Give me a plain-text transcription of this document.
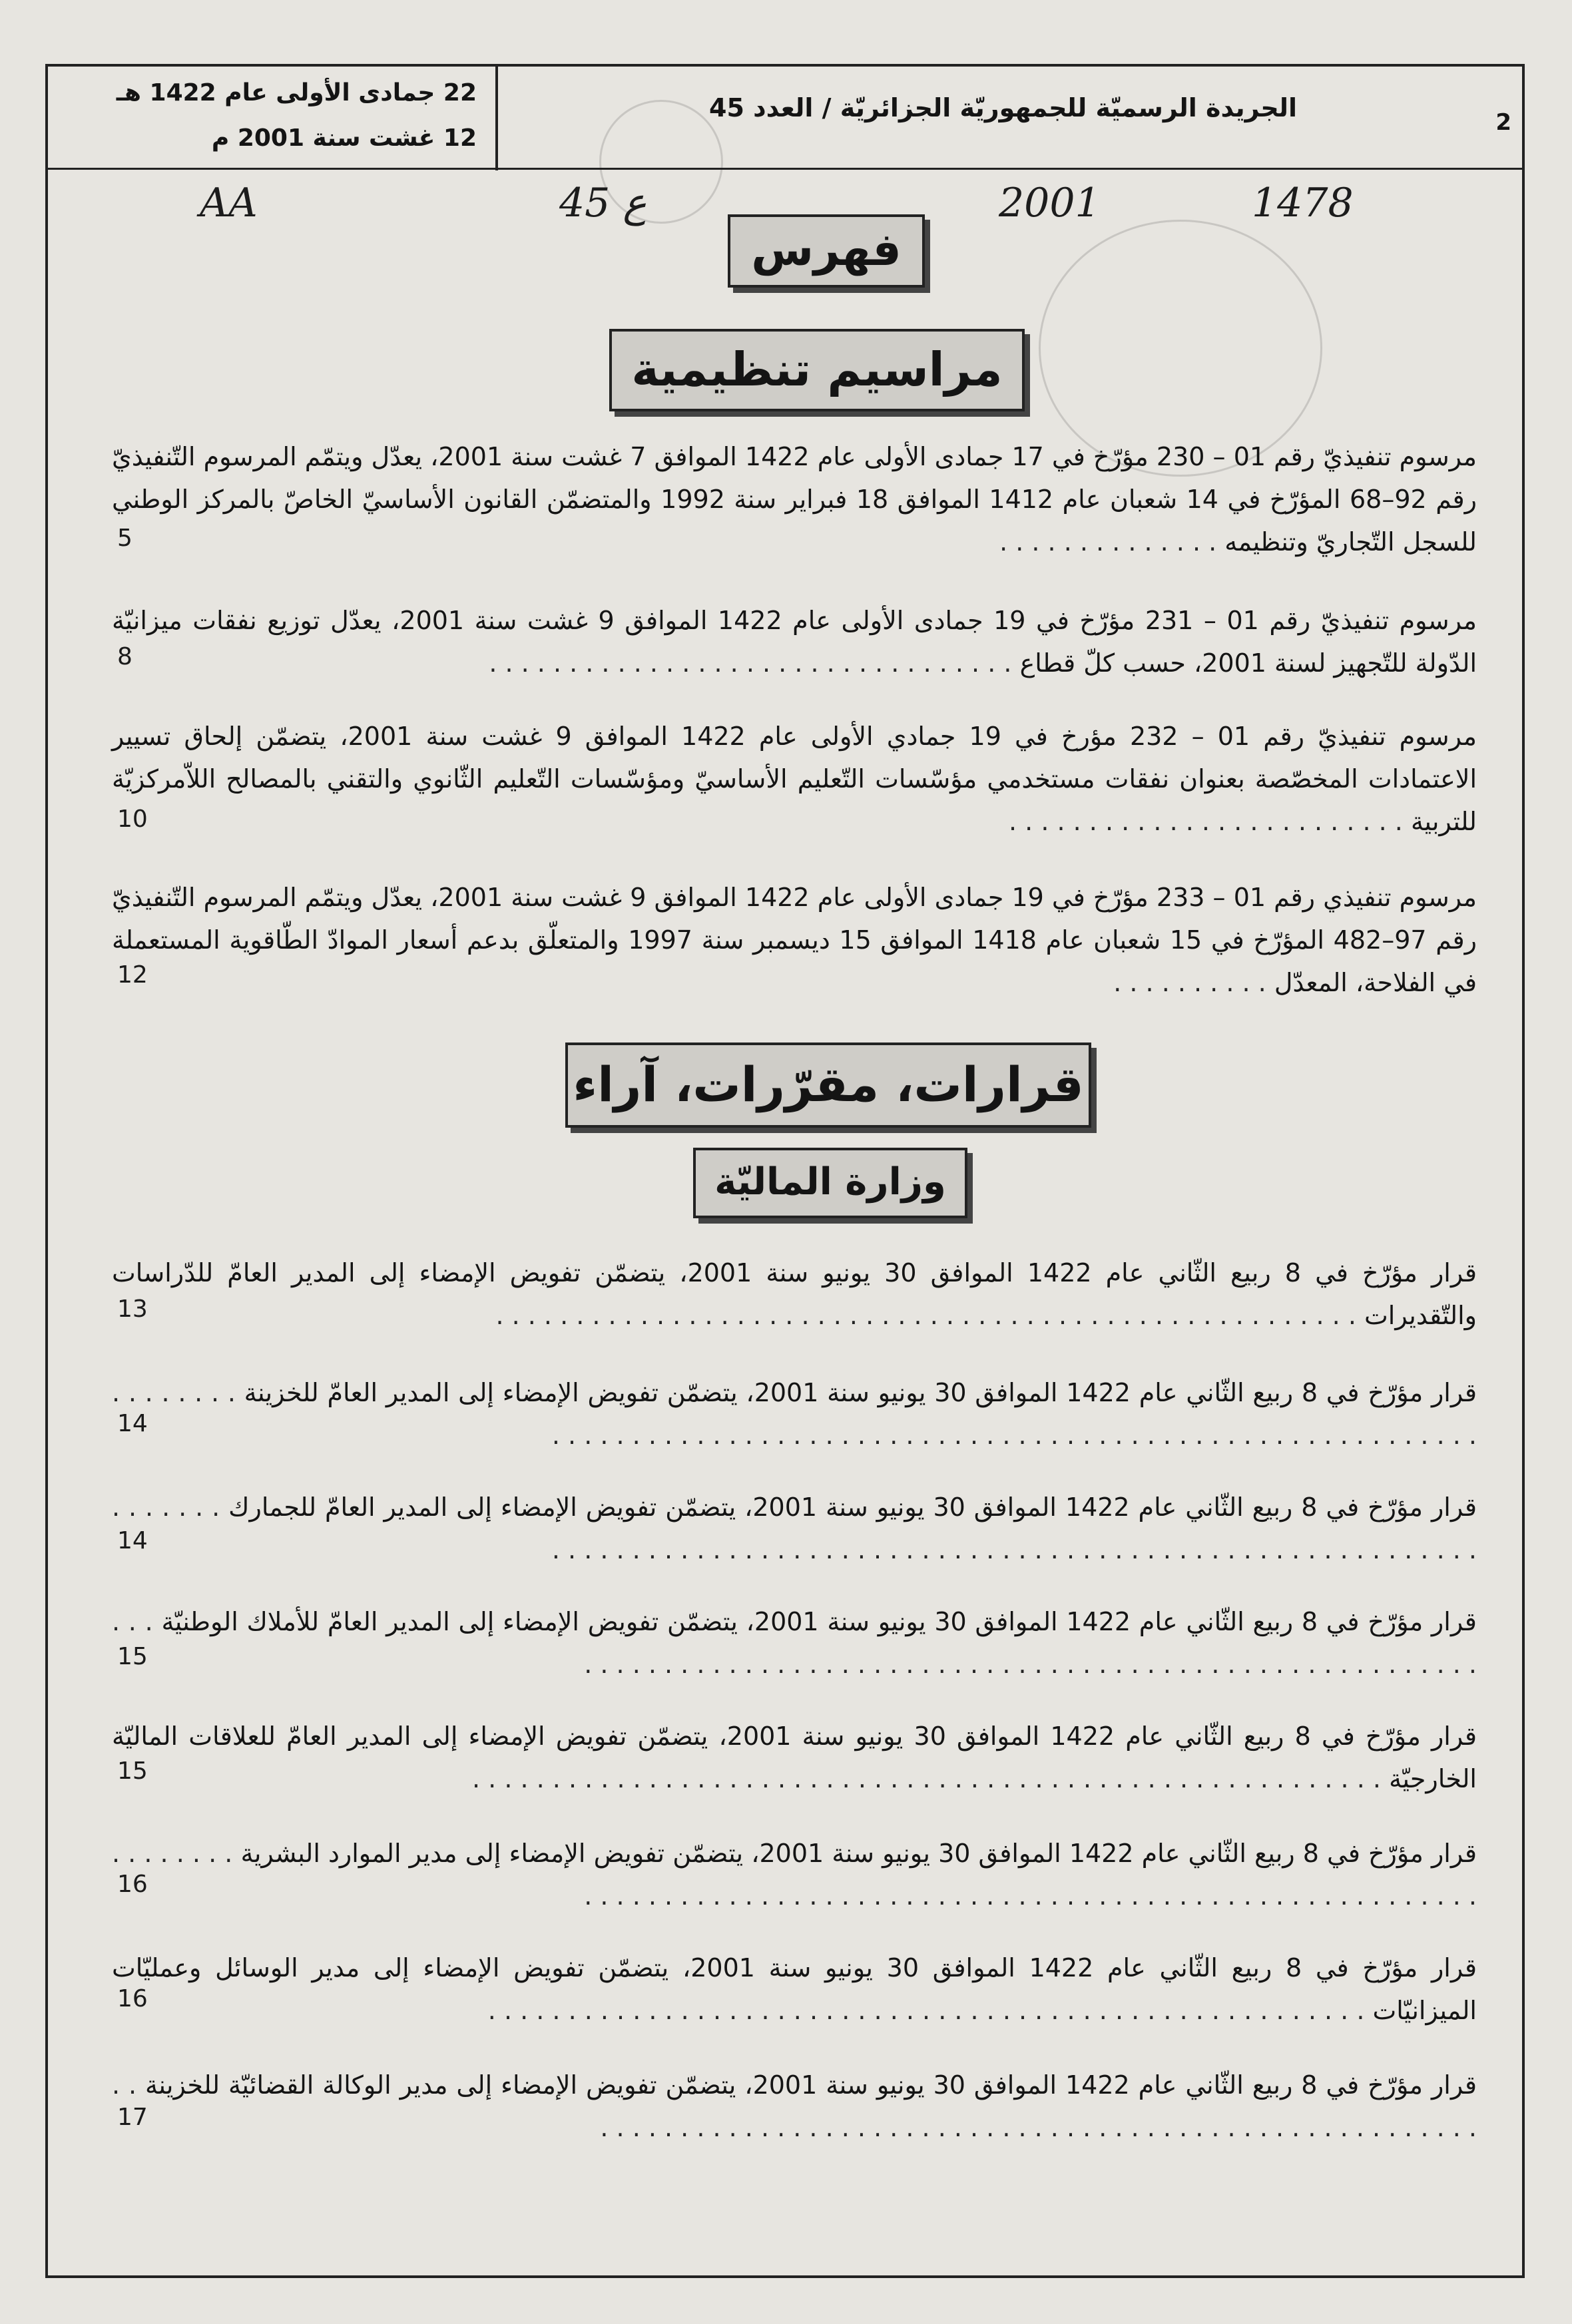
22 جمادى الأولى عام 1422 هـ
12 غشت سنة 2001 م
الجريدة الرسميّة للجمهوريّة الجزائريّة / العدد 45	2
1478
2001
ع 45
AA
فهرس
مراسيم تنظيمية
مرسوم تنفيذيّ رقم 01 – 230 مؤرّخ في 17 جمادى الأولى عام 1422 الموافق 7 غشت سنة 2001، يعدّل ويتمّم المرسوم التّنفيذيّ رقم 92–68 المؤرّخ في 14 شعبان عام 1412 الموافق 18 فبراير سنة 1992 والمتضمّن القانون الأساسيّ الخاصّ بالمركز الوطني للسجل التّجاريّ وتنظيمه . . . . . . . . . . . . . .
5
مرسوم تنفيذيّ رقم 01 – 231 مؤرّخ في 19 جمادى الأولى عام 1422 الموافق 9 غشت سنة 2001، يعدّل توزيع نفقات ميزانيّة الدّولة للتّجهيز لسنة 2001، حسب كلّ قطاع . . . . . . . . . . . . . . . . . . . . . . . . . . . . . . . . .
8
مرسوم تنفيذيّ رقم 01 – 232 مؤرخ في 19 جمادي الأولى عام 1422 الموافق 9 غشت سنة 2001، يتضمّن إلحاق تسيير الاعتمادات المخصّصة بعنوان نفقات مستخدمي مؤسّسات التّعليم الأساسيّ ومؤسّسات التّعليم الثّانوي والتقني بالمصالح اللاّمركزيّة للتربية . . . . . . . . . . . . . . . . . . . . . . . . .
10
مرسوم تنفيذي رقم 01 – 233 مؤرّخ في 19 جمادى الأولى عام 1422 الموافق 9 غشت سنة 2001، يعدّل ويتمّم المرسوم التّنفيذيّ رقم 97–482 المؤرّخ في 15 شعبان عام 1418 الموافق 15 ديسمبر سنة 1997 والمتعلّق بدعم أسعار الموادّ الطّاقوية المستعملة في الفلاحة، المعدّل . . . . . . . . . .
12
قرارات، مقرّرات، آراء
وزارة الماليّة
قرار مؤرّخ في 8 ربيع الثّاني عام 1422 الموافق 30 يونيو سنة 2001، يتضمّن تفويض الإمضاء إلى المدير العامّ للدّراسات والتّقديرات . . . . . . . . . . . . . . . . . . . . . . . . . . . . . . . . . . . . . . . . . . . . . . . . . . . . . .
13
قرار مؤرّخ في 8 ربيع الثّاني عام 1422 الموافق 30 يونيو سنة 2001، يتضمّن تفويض الإمضاء إلى المدير العامّ للخزينة . . . . . . . . . . . . . . . . . . . . . . . . . . . . . . . . . . . . . . . . . . . . . . . . . . . . . . . . . . . . . . . . . .
14
قرار مؤرّخ في 8 ربيع الثّاني عام 1422 الموافق 30 يونيو سنة 2001، يتضمّن تفويض الإمضاء إلى المدير العامّ للجمارك . . . . . . . . . . . . . . . . . . . . . . . . . . . . . . . . . . . . . . . . . . . . . . . . . . . . . . . . . . . . . . . . .
14
قرار مؤرّخ في 8 ربيع الثّاني عام 1422 الموافق 30 يونيو سنة 2001، يتضمّن تفويض الإمضاء إلى المدير العامّ للأملاك الوطنيّة . . . . . . . . . . . . . . . . . . . . . . . . . . . . . . . . . . . . . . . . . . . . . . . . . . . . . . . . . . .
15
قرار مؤرّخ في 8 ربيع الثّاني عام 1422 الموافق 30 يونيو سنة 2001، يتضمّن تفويض الإمضاء إلى المدير العامّ للعلاقات الماليّة الخارجيّة . . . . . . . . . . . . . . . . . . . . . . . . . . . . . . . . . . . . . . . . . . . . . . . . . . . . . . . . .
15
قرار مؤرّخ في 8 ربيع الثّاني عام 1422 الموافق 30 يونيو سنة 2001، يتضمّن تفويض الإمضاء إلى مدير الموارد البشرية . . . . . . . . . . . . . . . . . . . . . . . . . . . . . . . . . . . . . . . . . . . . . . . . . . . . . . . . . . . . . . . .
16
قرار مؤرّخ في 8 ربيع الثّاني عام 1422 الموافق 30 يونيو سنة 2001، يتضمّن تفويض الإمضاء إلى مدير الوسائل وعمليّات الميزانيّات . . . . . . . . . . . . . . . . . . . . . . . . . . . . . . . . . . . . . . . . . . . . . . . . . . . . . . .
16
قرار مؤرّخ في 8 ربيع الثّاني عام 1422 الموافق 30 يونيو سنة 2001، يتضمّن تفويض الإمضاء إلى مدير الوكالة القضائيّة للخزينة . . . . . . . . . . . . . . . . . . . . . . . . . . . . . . . . . . . . . . . . . . . . . . . . . . . . . . . . .
17
